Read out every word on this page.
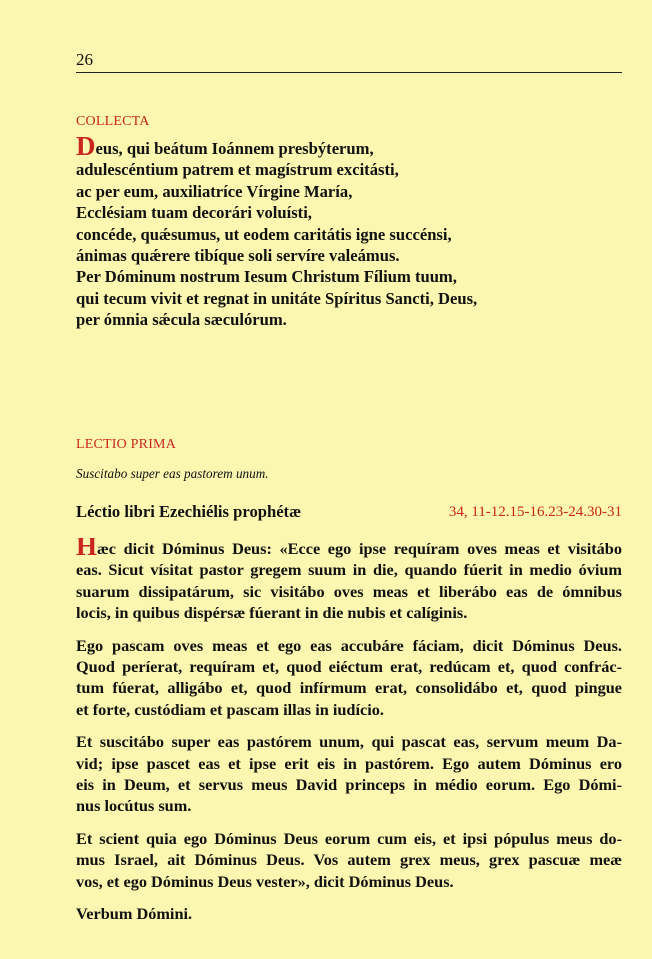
26
COLLECTA
Deus, qui beátum Ioánnem presbýterum,
adulescéntium patrem et magístrum excitásti,
ac per eum, auxiliatríce Vírgine María,
Ecclésiam tuam decorári voluísti,
concéde, quǽsumus, ut eodem caritátis igne succénsi,
ánimas quǽrere tibíque soli servíre valeámus.
Per Dóminum nostrum Iesum Christum Fílium tuum,
qui tecum vivit et regnat in unitáte Spíritus Sancti, Deus,
per ómnia sǽcula sæculórum.
LECTIO PRIMA
Suscitabo super eas pastorem unum.
Léctio libri Ezechiélis prophétæ	34, 11-12.15-16.23-24.30-31

Hæc dicit Dóminus Deus: «Ecce ego ipse requíram oves meas et visitábo
eas. Sicut vísitat pastor gregem suum in die, quando fúerit in medio óvium
suarum dissipatárum, sic visitábo oves meas et liberábo eas de ómnibus
locis, in quibus dispérsæ fúerant in die nubis et calíginis.

Ego pascam oves meas et ego eas accubáre fáciam, dicit Dóminus Deus.
Quod períerat, requíram et, quod eiéctum erat, redúcam et, quod confrác-
tum fúerat, alligábo et, quod infírmum erat, consolidábo et, quod pingue
et forte, custódiam et pascam illas in iudício.

Et suscitábo super eas pastórem unum, qui pascat eas, servum meum Da-
vid; ipse pascet eas et ipse erit eis in pastórem. Ego autem Dóminus ero
eis in Deum, et servus meus David princeps in médio eorum. Ego Dómi-
nus locútus sum.

Et scient quia ego Dóminus Deus eorum cum eis, et ipsi pópulus meus do-
mus Israel, ait Dóminus Deus. Vos autem grex meus, grex pascuæ meæ
vos, et ego Dóminus Deus vester», dicit Dóminus Deus.

Verbum Dómini.
